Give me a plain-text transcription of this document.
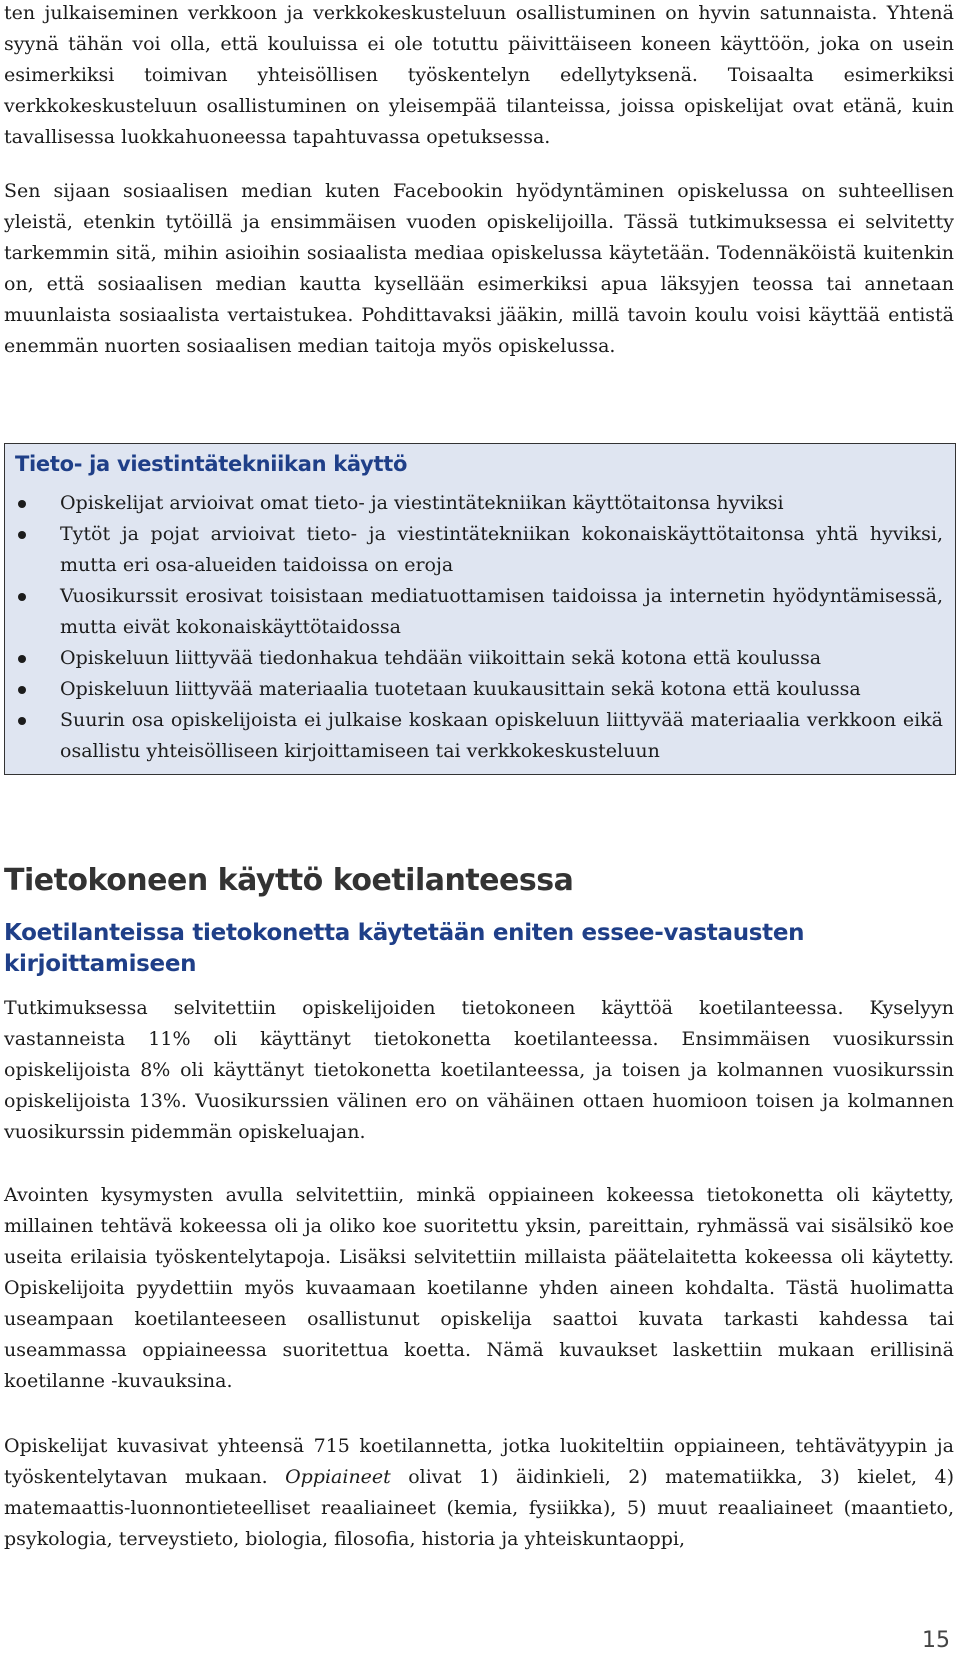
ten julkaiseminen verkkoon ja verkkokeskusteluun osallistuminen on hyvin satunnaista. Yhtenä syynä tähän voi olla, että kouluissa ei ole totuttu päivittäiseen koneen käyttöön, joka on usein esimerkiksi toimivan yhteisöllisen työskentelyn edellytyksenä. Toisaalta esimerkiksi verkkokeskusteluun osallistuminen on yleisempää tilanteissa, joissa opiskelijat ovat etänä, kuin tavallisessa luokkahuoneessa tapahtuvassa opetuksessa.

Sen sijaan sosiaalisen median kuten Facebookin hyödyntäminen opiskelussa on suhteellisen yleistä, etenkin tytöillä ja ensimmäisen vuoden opiskelijoilla. Tässä tutkimuksessa ei selvitetty tarkemmin sitä, mihin asioihin sosiaalista mediaa opiskelussa käytetään. Todennäköistä kuitenkin on, että sosiaalisen median kautta kysellään esimerkiksi apua läksyjen teossa tai annetaan muunlaista sosiaalista vertaistukea. Pohdittavaksi jääkin, millä tavoin koulu voisi käyttää entistä enemmän nuorten sosiaalisen median taitoja myös opiskelussa.

Tieto- ja viestintätekniikan käyttö
Opiskelijat arvioivat omat tieto- ja viestintätekniikan käyttötaitonsa hyviksi
Tytöt ja pojat arvioivat tieto- ja viestintätekniikan kokonaiskäyttötaitonsa yhtä hyviksi, mutta eri osa-alueiden taidoissa on eroja
Vuosikurssit erosivat toisistaan mediatuottamisen taidoissa ja internetin hyödyntämisessä, mutta eivät kokonaiskäyttötaidossa
Opiskeluun liittyvää tiedonhakua tehdään viikoittain sekä kotona että koulussa
Opiskeluun liittyvää materiaalia tuotetaan kuukausittain sekä kotona että koulussa
Suurin osa opiskelijoista ei julkaise koskaan opiskeluun liittyvää materiaalia verkkoon eikä osallistu yhteisölliseen kirjoittamiseen tai verkkokeskusteluun
Tietokoneen käyttö koetilanteessa
Koetilanteissa tietokonetta käytetään eniten essee-vastausten kirjoittamiseen

Tutkimuksessa selvitettiin opiskelijoiden tietokoneen käyttöä koetilanteessa. Kyselyyn vastanneista 11% oli käyttänyt tietokonetta koetilanteessa. Ensimmäisen vuosikurssin opiskelijoista 8% oli käyttänyt tietokonetta koetilanteessa, ja toisen ja kolmannen vuosikurssin opiskelijoista 13%. Vuosikurssien välinen ero on vähäinen ottaen huomioon toisen ja kolmannen vuosikurssin pidemmän opiskeluajan.

Avointen kysymysten avulla selvitettiin, minkä oppiaineen kokeessa tietokonetta oli käytetty, millainen tehtävä kokeessa oli ja oliko koe suoritettu yksin, pareittain, ryhmässä vai sisälsikö koe useita erilaisia työskentelytapoja. Lisäksi selvitettiin millaista päätelaitetta kokeessa oli käytetty. Opiskelijoita pyydettiin myös kuvaamaan koetilanne yhden aineen kohdalta. Tästä huolimatta useampaan koetilanteeseen osallistunut opiskelija saattoi kuvata tarkasti kahdessa tai useammassa oppiaineessa suoritettua koetta. Nämä kuvaukset laskettiin mukaan erillisinä koetilanne -kuvauksina.

Opiskelijat kuvasivat yhteensä 715 koetilannetta, jotka luokiteltiin oppiaineen, tehtävätyypin ja työskentelytavan mukaan. Oppiaineet olivat 1) äidinkieli, 2) matematiikka, 3) kielet, 4) matemaattis-luonnontieteelliset reaaliaineet (kemia, fysiikka), 5) muut reaaliaineet (maantieto, psykologia, terveystieto, biologia, filosofia, historia ja yhteiskuntaoppi,

15
